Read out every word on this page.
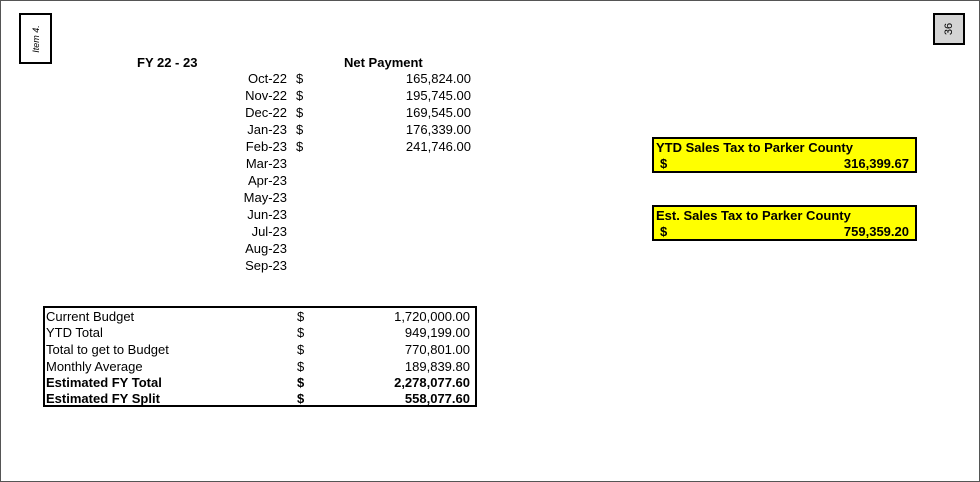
Item 4.	36
FY 22 - 23	Net Payment
Oct-22 $	165,824.00
Nov-22 $	195,745.00
Dec-22 $	169,545.00
Jan-23 $	176,339.00
Feb-23 $	241,746.00
Mar-23
Apr-23
May-23
Jun-23
Jul-23
Aug-23
Sep-23
Current Budget	$	1,720,000.00
YTD Total	$	949,199.00
Total to get to Budget	$	770,801.00
Monthly Average	$	189,839.80
Estimated FY Total	$	2,278,077.60
Estimated FY Split	$	558,077.60
YTD Sales Tax to Parker County
$	316,399.67
Est. Sales Tax to Parker County
$	759,359.20
